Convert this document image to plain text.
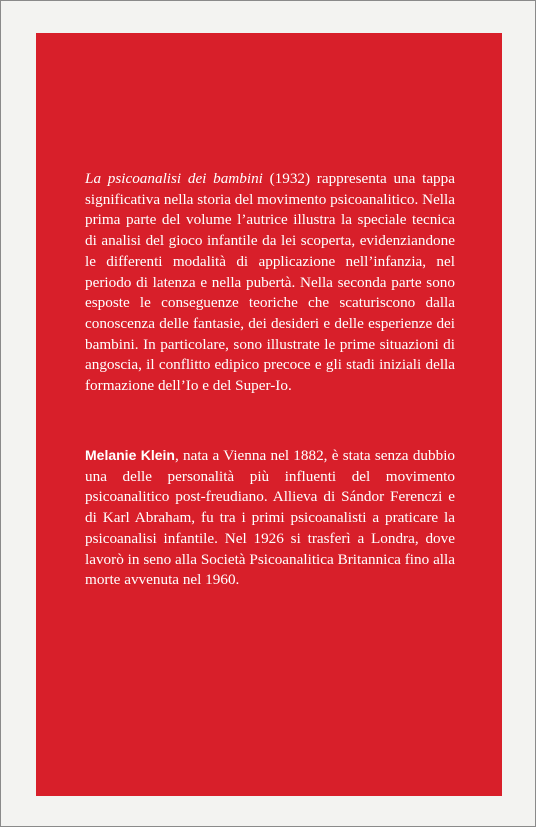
La psicoanalisi dei bambini (1932) rappresenta una tappa significativa nella storia del movimento psicoanalitico. Nella prima parte del volume l’autrice illustra la speciale tecnica di analisi del gioco infantile da lei scoperta, evidenziandone le differenti modalità di applicazione nell’infanzia, nel periodo di latenza e nella pubertà. Nella seconda parte sono esposte le conseguenze teoriche che scaturiscono dalla conoscenza delle fantasie, dei desideri e delle esperienze dei bambini. In particolare, sono illustrate le prime situazioni di angoscia, il conflitto edipico precoce e gli stadi iniziali della formazione dell’Io e del Super-Io.

Melanie Klein, nata a Vienna nel 1882, è stata senza dubbio una delle personalità più influenti del movimento psicoanalitico post-freudiano. Allieva di Sándor Ferenczi e di Karl Abraham, fu tra i primi psicoanalisti a praticare la psicoanalisi infantile. Nel 1926 si trasferì a Londra, dove lavorò in seno alla Società Psicoanalitica Britannica fino alla morte avvenuta nel 1960.
